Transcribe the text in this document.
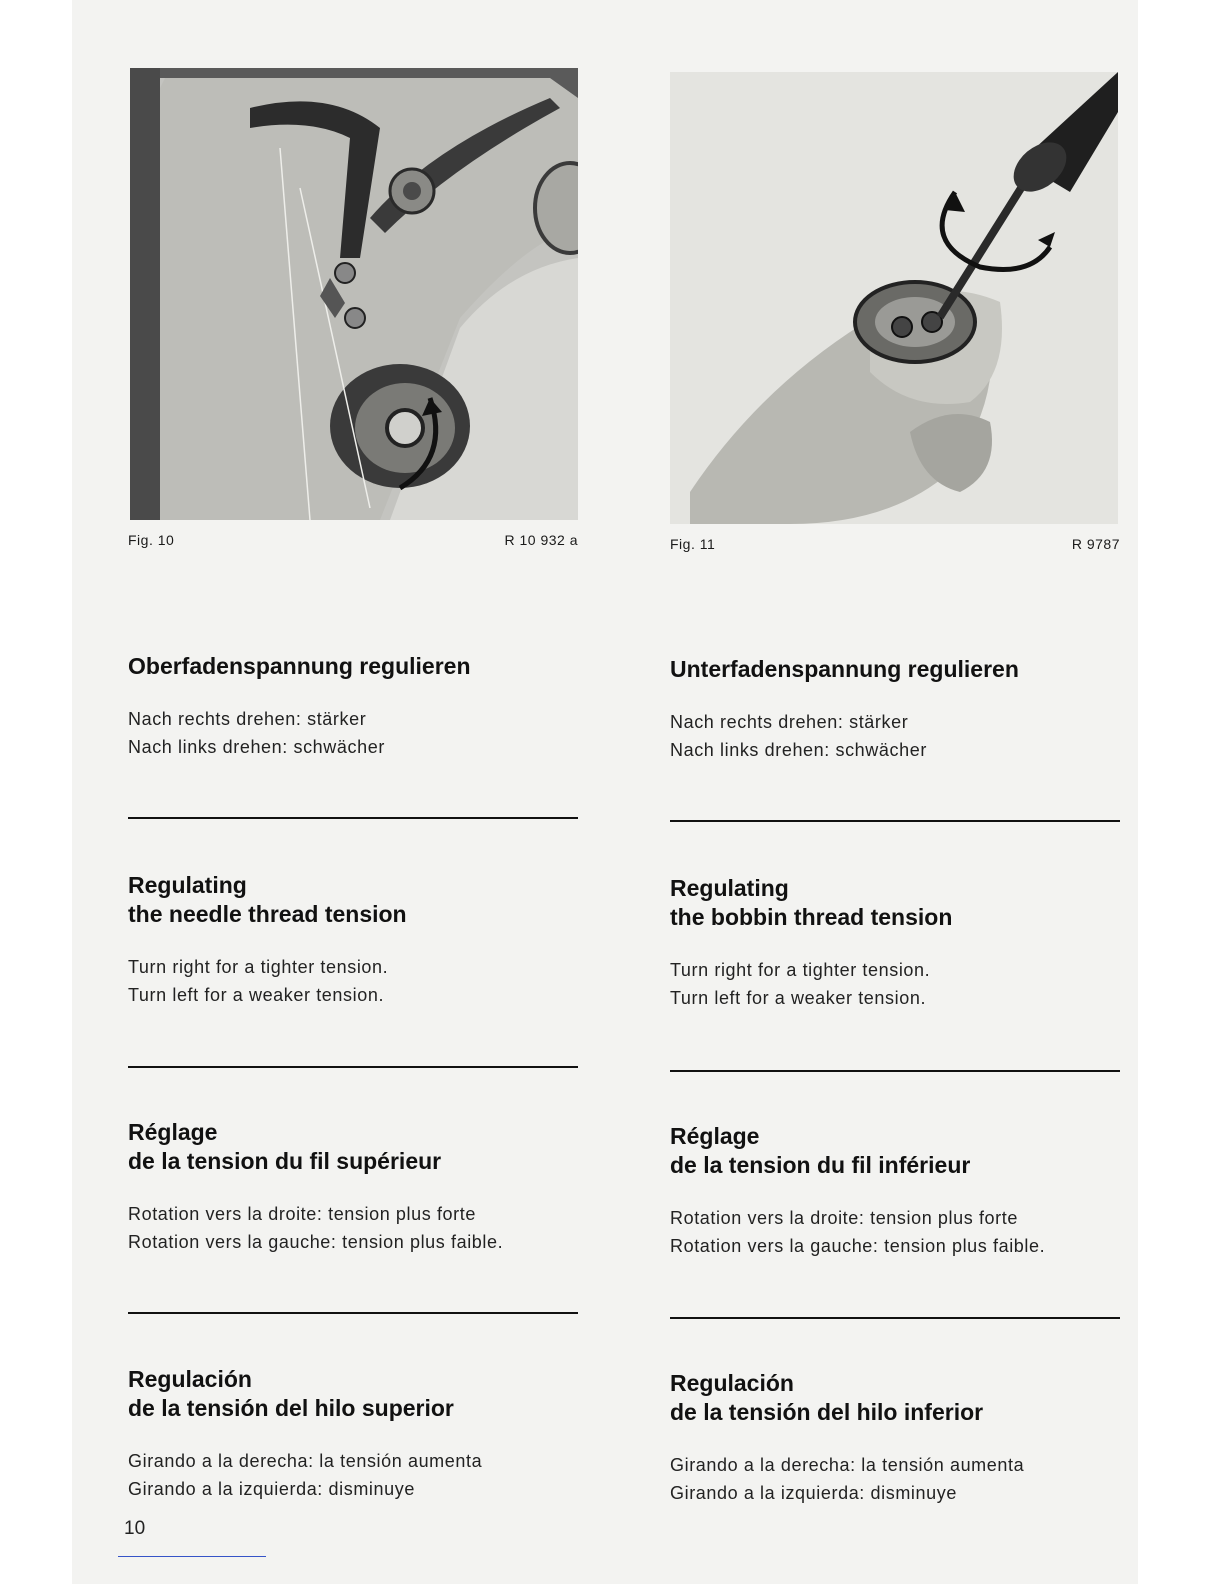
Fig. 10	R 10 932 a
Oberfadenspannung regulieren

Nach rechts drehen: stärker

Nach links drehen: schwächer

Regulating
the needle thread tension

Turn right for a tighter tension.

Turn left for a weaker tension.

Réglage
de la tension du fil supérieur

Rotation vers la droite: tension plus forte

Rotation vers la gauche: tension plus faible.

Regulación
de la tensión del hilo superior

Girando a la derecha: la tensión aumenta

Girando a la izquierda: disminuye

Fig. 11	R 9787
Unterfadenspannung regulieren

Nach rechts drehen: stärker

Nach links drehen: schwächer

Regulating
the bobbin thread tension

Turn right for a tighter tension.

Turn left for a weaker tension.

Réglage
de la tension du fil inférieur

Rotation vers la droite: tension plus forte

Rotation vers la gauche: tension plus faible.

Regulación
de la tensión del hilo inferior

Girando a la derecha: la tensión aumenta

Girando a la izquierda: disminuye

10
